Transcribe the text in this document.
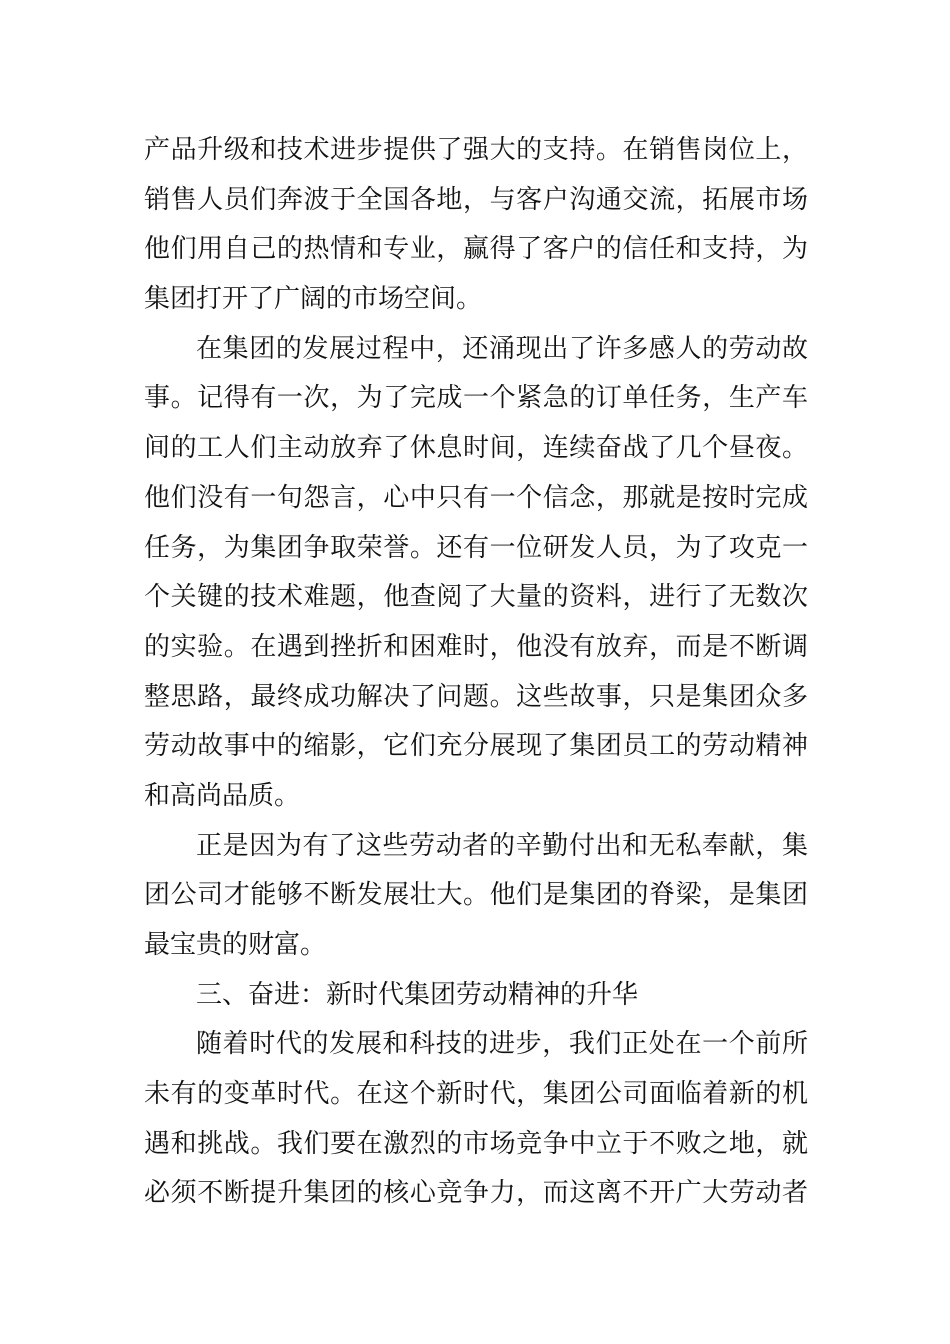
产品升级和技术进步提供了强大的支持。在销售岗位上，
销售人员们奔波于全国各地，与客户沟通交流，拓展市场
他们用自己的热情和专业，赢得了客户的信任和支持，为
集团打开了广阔的市场空间。
在集团的发展过程中，还涌现出了许多感人的劳动故
事。记得有一次，为了完成一个紧急的订单任务，生产车
间的工人们主动放弃了休息时间，连续奋战了几个昼夜。
他们没有一句怨言，心中只有一个信念，那就是按时完成
任务，为集团争取荣誉。还有一位研发人员，为了攻克一
个关键的技术难题，他查阅了大量的资料，进行了无数次
的实验。在遇到挫折和困难时，他没有放弃，而是不断调
整思路，最终成功解决了问题。这些故事，只是集团众多
劳动故事中的缩影，它们充分展现了集团员工的劳动精神
和高尚品质。
正是因为有了这些劳动者的辛勤付出和无私奉献，集
团公司才能够不断发展壮大。他们是集团的脊梁，是集团
最宝贵的财富。
三、奋进：新时代集团劳动精神的升华
随着时代的发展和科技的进步，我们正处在一个前所
未有的变革时代。在这个新时代，集团公司面临着新的机
遇和挑战。我们要在激烈的市场竞争中立于不败之地，就
必须不断提升集团的核心竞争力，而这离不开广大劳动者
